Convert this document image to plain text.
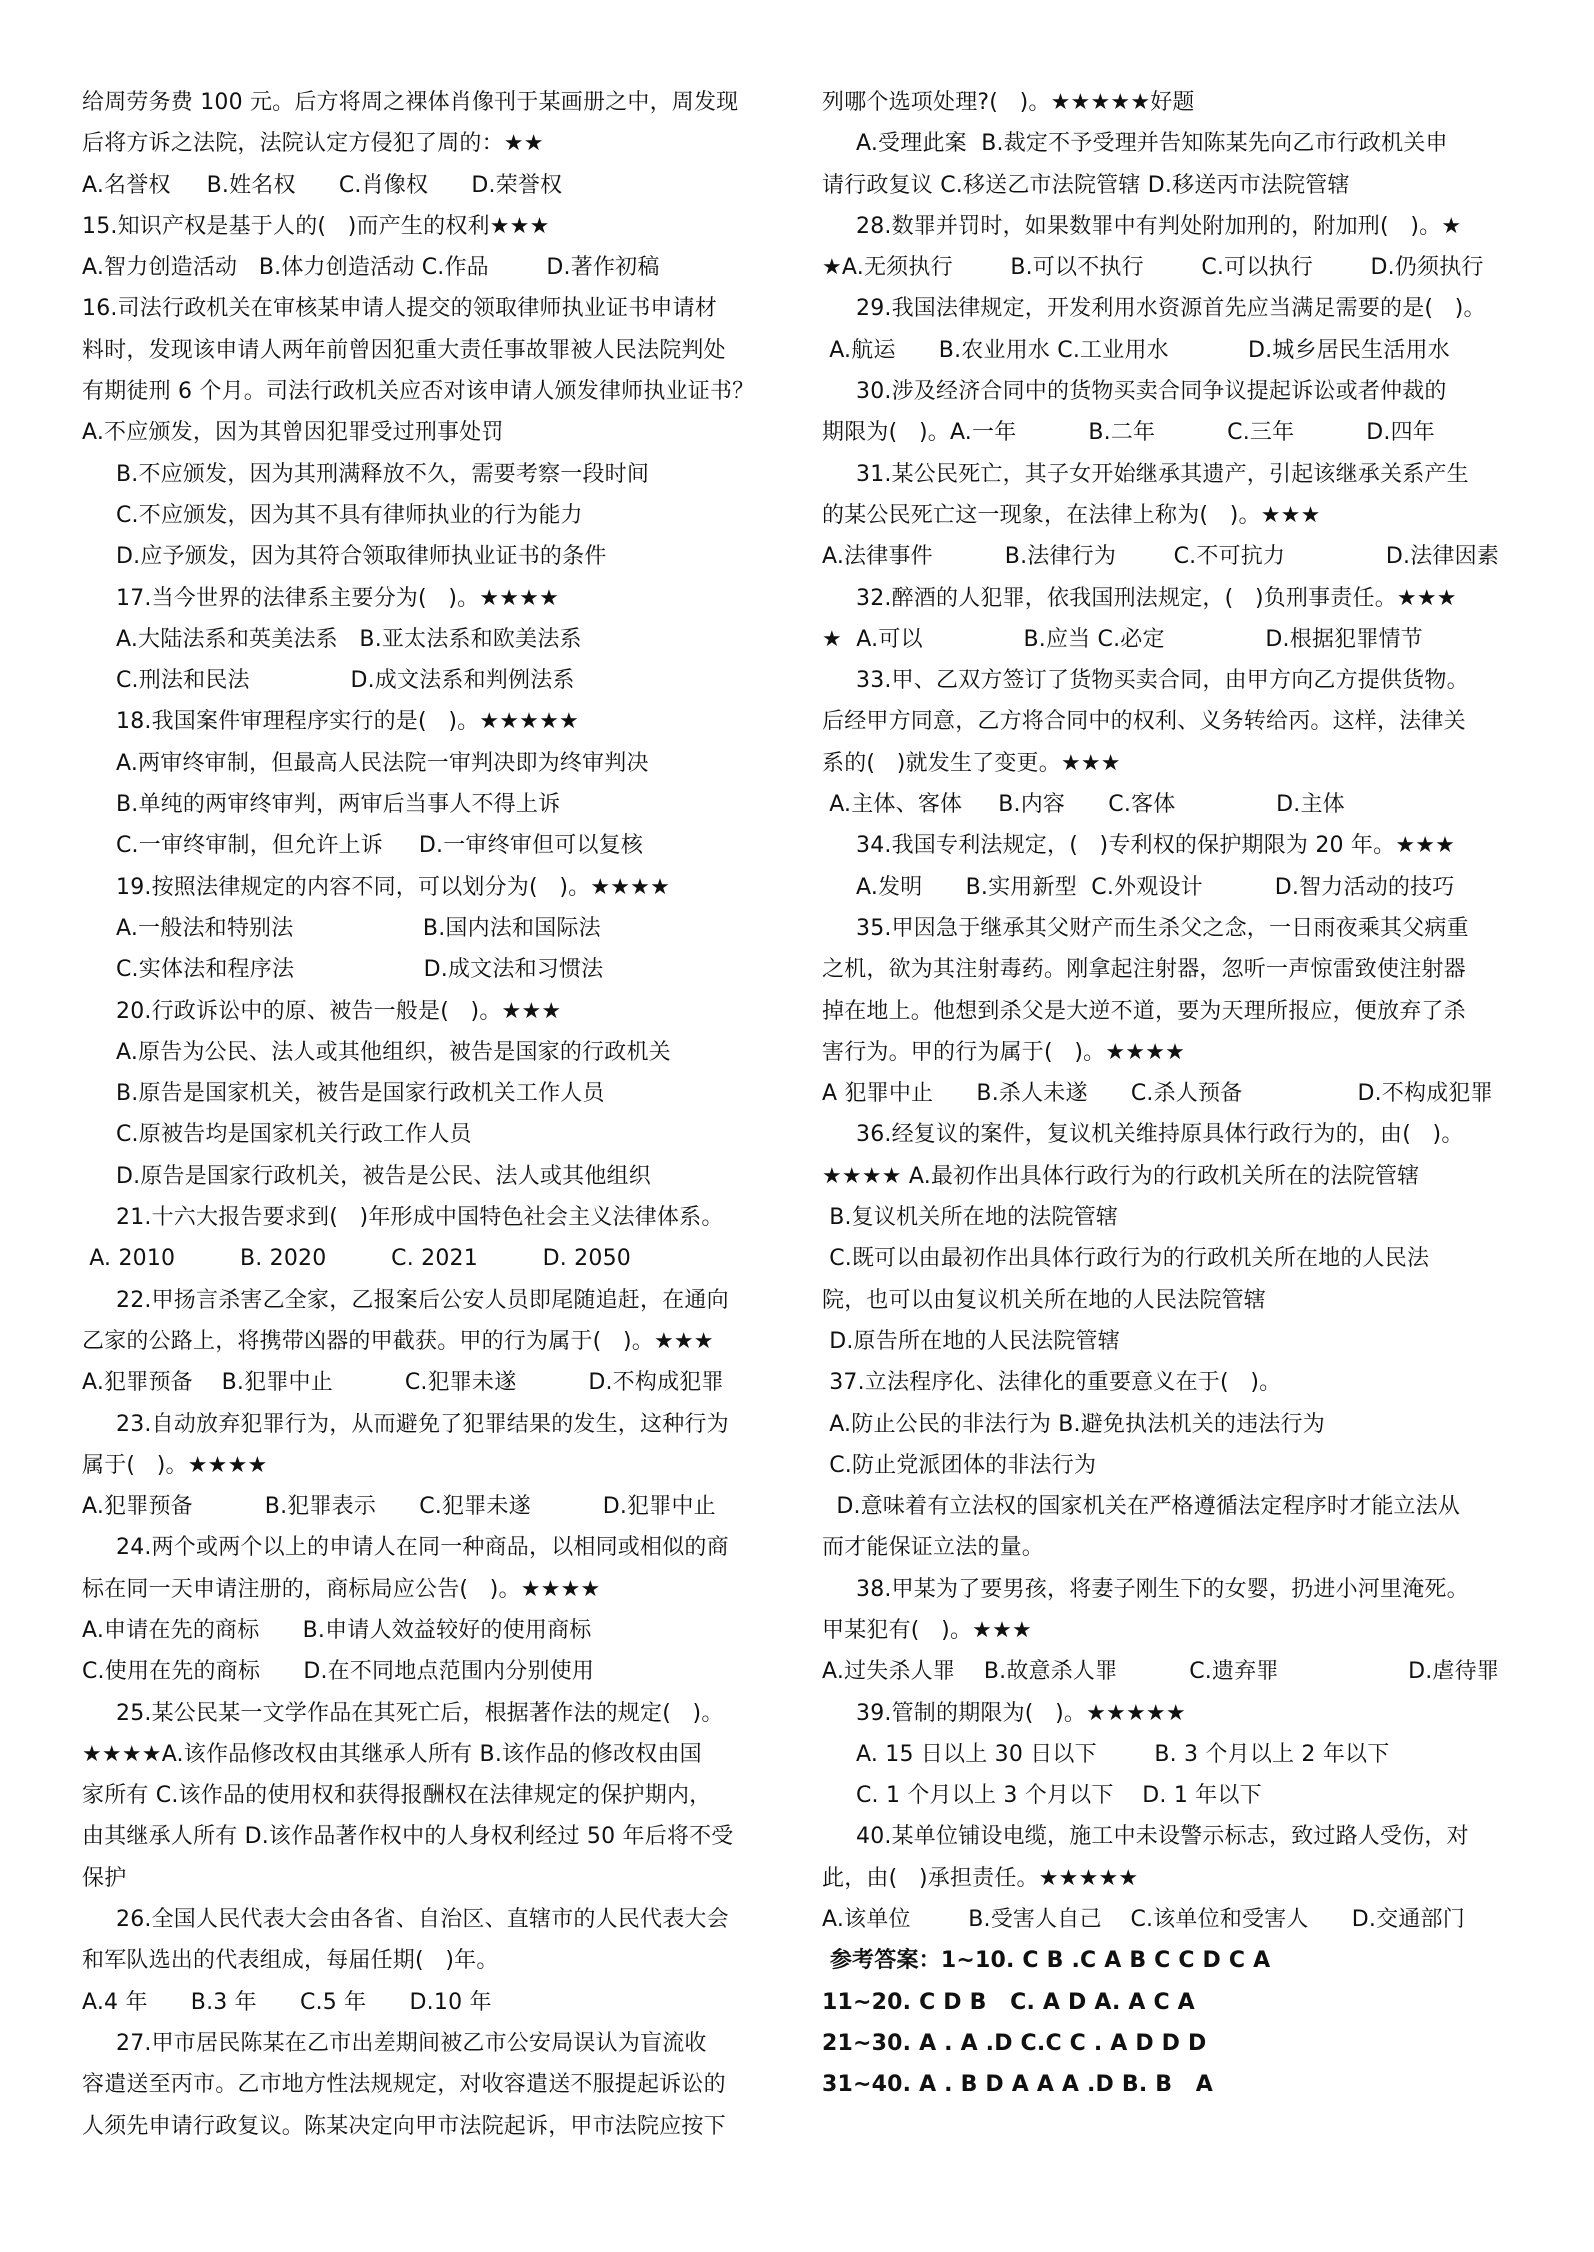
给周劳务费 100 元。后方将周之裸体肖像刊于某画册之中，周发现
后将方诉之法院，法院认定方侵犯了周的：★★
A.名誉权     B.姓名权      C.肖像权      D.荣誉权
15.知识产权是基于人的(   )而产生的权利★★★
A.智力创造活动   B.体力创造活动 C.作品        D.著作初稿
16.司法行政机关在审核某申请人提交的领取律师执业证书申请材
料时，发现该申请人两年前曾因犯重大责任事故罪被人民法院判处
有期徒刑 6 个月。司法行政机关应否对该申请人颁发律师执业证书？
A.不应颁发，因为其曾因犯罪受过刑事处罚
B.不应颁发，因为其刑满释放不久，需要考察一段时间
C.不应颁发，因为其不具有律师执业的行为能力
D.应予颁发，因为其符合领取律师执业证书的条件
17.当今世界的法律系主要分为(   )。★★★★
A.大陆法系和英美法系   B.亚太法系和欧美法系
C.刑法和民法              D.成文法系和判例法系
18.我国案件审理程序实行的是(   )。★★★★★
A.两审终审制，但最高人民法院一审判决即为终审判决
B.单纯的两审终审判，两审后当事人不得上诉
C.一审终审制，但允许上诉     D.一审终审但可以复核
19.按照法律规定的内容不同，可以划分为(   )。★★★★
A.一般法和特别法                  B.国内法和国际法
C.实体法和程序法                  D.成文法和习惯法
20.行政诉讼中的原、被告一般是(   )。★★★
A.原告为公民、法人或其他组织，被告是国家的行政机关
B.原告是国家机关，被告是国家行政机关工作人员
C.原被告均是国家机关行政工作人员
D.原告是国家行政机关，被告是公民、法人或其他组织
21.十六大报告要求到(   )年形成中国特色社会主义法律体系。
A. 2010         B. 2020         C. 2021         D. 2050
22.甲扬言杀害乙全家，乙报案后公安人员即尾随追赶，在通向
乙家的公路上，将携带凶器的甲截获。甲的行为属于(   )。★★★
A.犯罪预备    B.犯罪中止          C.犯罪未遂          D.不构成犯罪
23.自动放弃犯罪行为，从而避免了犯罪结果的发生，这种行为
属于(   )。★★★★
A.犯罪预备          B.犯罪表示      C.犯罪未遂          D.犯罪中止
24.两个或两个以上的申请人在同一种商品，以相同或相似的商
标在同一天申请注册的，商标局应公告(   )。★★★★
A.申请在先的商标      B.申请人效益较好的使用商标
C.使用在先的商标      D.在不同地点范围内分别使用
25.某公民某一文学作品在其死亡后，根据著作法的规定(   )。
★★★★A.该作品修改权由其继承人所有 B.该作品的修改权由国
家所有 C.该作品的使用权和获得报酬权在法律规定的保护期内，
由其继承人所有 D.该作品著作权中的人身权利经过 50 年后将不受
保护
26.全国人民代表大会由各省、自治区、直辖市的人民代表大会
和军队选出的代表组成，每届任期(   )年。
A.4 年      B.3 年      C.5 年      D.10 年
27.甲市居民陈某在乙市出差期间被乙市公安局误认为盲流收
容遣送至丙市。乙市地方性法规规定，对收容遣送不服提起诉讼的
人须先申请行政复议。陈某决定向甲市法院起诉，甲市法院应按下
列哪个选项处理?(   )。★★★★★好题
A.受理此案  B.裁定不予受理并告知陈某先向乙市行政机关申
请行政复议 C.移送乙市法院管辖 D.移送丙市法院管辖
28.数罪并罚时，如果数罪中有判处附加刑的，附加刑(   )。★
★A.无须执行        B.可以不执行        C.可以执行        D.仍须执行
29.我国法律规定，开发利用水资源首先应当满足需要的是(   )。
A.航运      B.农业用水 C.工业用水           D.城乡居民生活用水
30.涉及经济合同中的货物买卖合同争议提起诉讼或者仲裁的
期限为(   )。A.一年          B.二年          C.三年          D.四年
31.某公民死亡，其子女开始继承其遗产，引起该继承关系产生
的某公民死亡这一现象，在法律上称为(   )。★★★
A.法律事件          B.法律行为        C.不可抗力              D.法律因素
32.醉酒的人犯罪，依我国刑法规定，(   )负刑事责任。★★★
★  A.可以              B.应当 C.必定              D.根据犯罪情节
33.甲、乙双方签订了货物买卖合同，由甲方向乙方提供货物。
后经甲方同意，乙方将合同中的权利、义务转给丙。这样，法律关
系的(   )就发生了变更。★★★
A.主体、客体     B.内容      C.客体              D.主体
34.我国专利法规定，(   )专利权的保护期限为 20 年。★★★
A.发明      B.实用新型  C.外观设计          D.智力活动的技巧
35.甲因急于继承其父财产而生杀父之念，一日雨夜乘其父病重
之机，欲为其注射毒药。刚拿起注射器，忽听一声惊雷致使注射器
掉在地上。他想到杀父是大逆不道，要为天理所报应，便放弃了杀
害行为。甲的行为属于(   )。★★★★
A 犯罪中止      B.杀人未遂      C.杀人预备                D.不构成犯罪
36.经复议的案件，复议机关维持原具体行政行为的，由(   )。
★★★★ A.最初作出具体行政行为的行政机关所在的法院管辖
B.复议机关所在地的法院管辖
C.既可以由最初作出具体行政行为的行政机关所在地的人民法
院，也可以由复议机关所在地的人民法院管辖
D.原告所在地的人民法院管辖
37.立法程序化、法律化的重要意义在于(   )。
A.防止公民的非法行为 B.避免执法机关的违法行为
C.防止党派团体的非法行为
D.意味着有立法权的国家机关在严格遵循法定程序时才能立法从
而才能保证立法的量。
38.甲某为了要男孩，将妻子刚生下的女婴，扔进小河里淹死。
甲某犯有(   )。★★★
A.过失杀人罪    B.故意杀人罪          C.遗弃罪                  D.虐待罪
39.管制的期限为(   )。★★★★★
A. 15 日以上 30 日以下        B. 3 个月以上 2 年以下
C. 1 个月以上 3 个月以下    D. 1 年以下
40.某单位铺设电缆，施工中未设警示标志，致过路人受伤，对
此，由(   )承担责任。★★★★★
A.该单位        B.受害人自己    C.该单位和受害人      D.交通部门
参考答案：1~10. C B .C A B C C D C A
11~20. C D B   C. A D A. A C A
21~30. A . A .D C.C C . A D D D
31~40. A . B D A A A .D B. B   A
